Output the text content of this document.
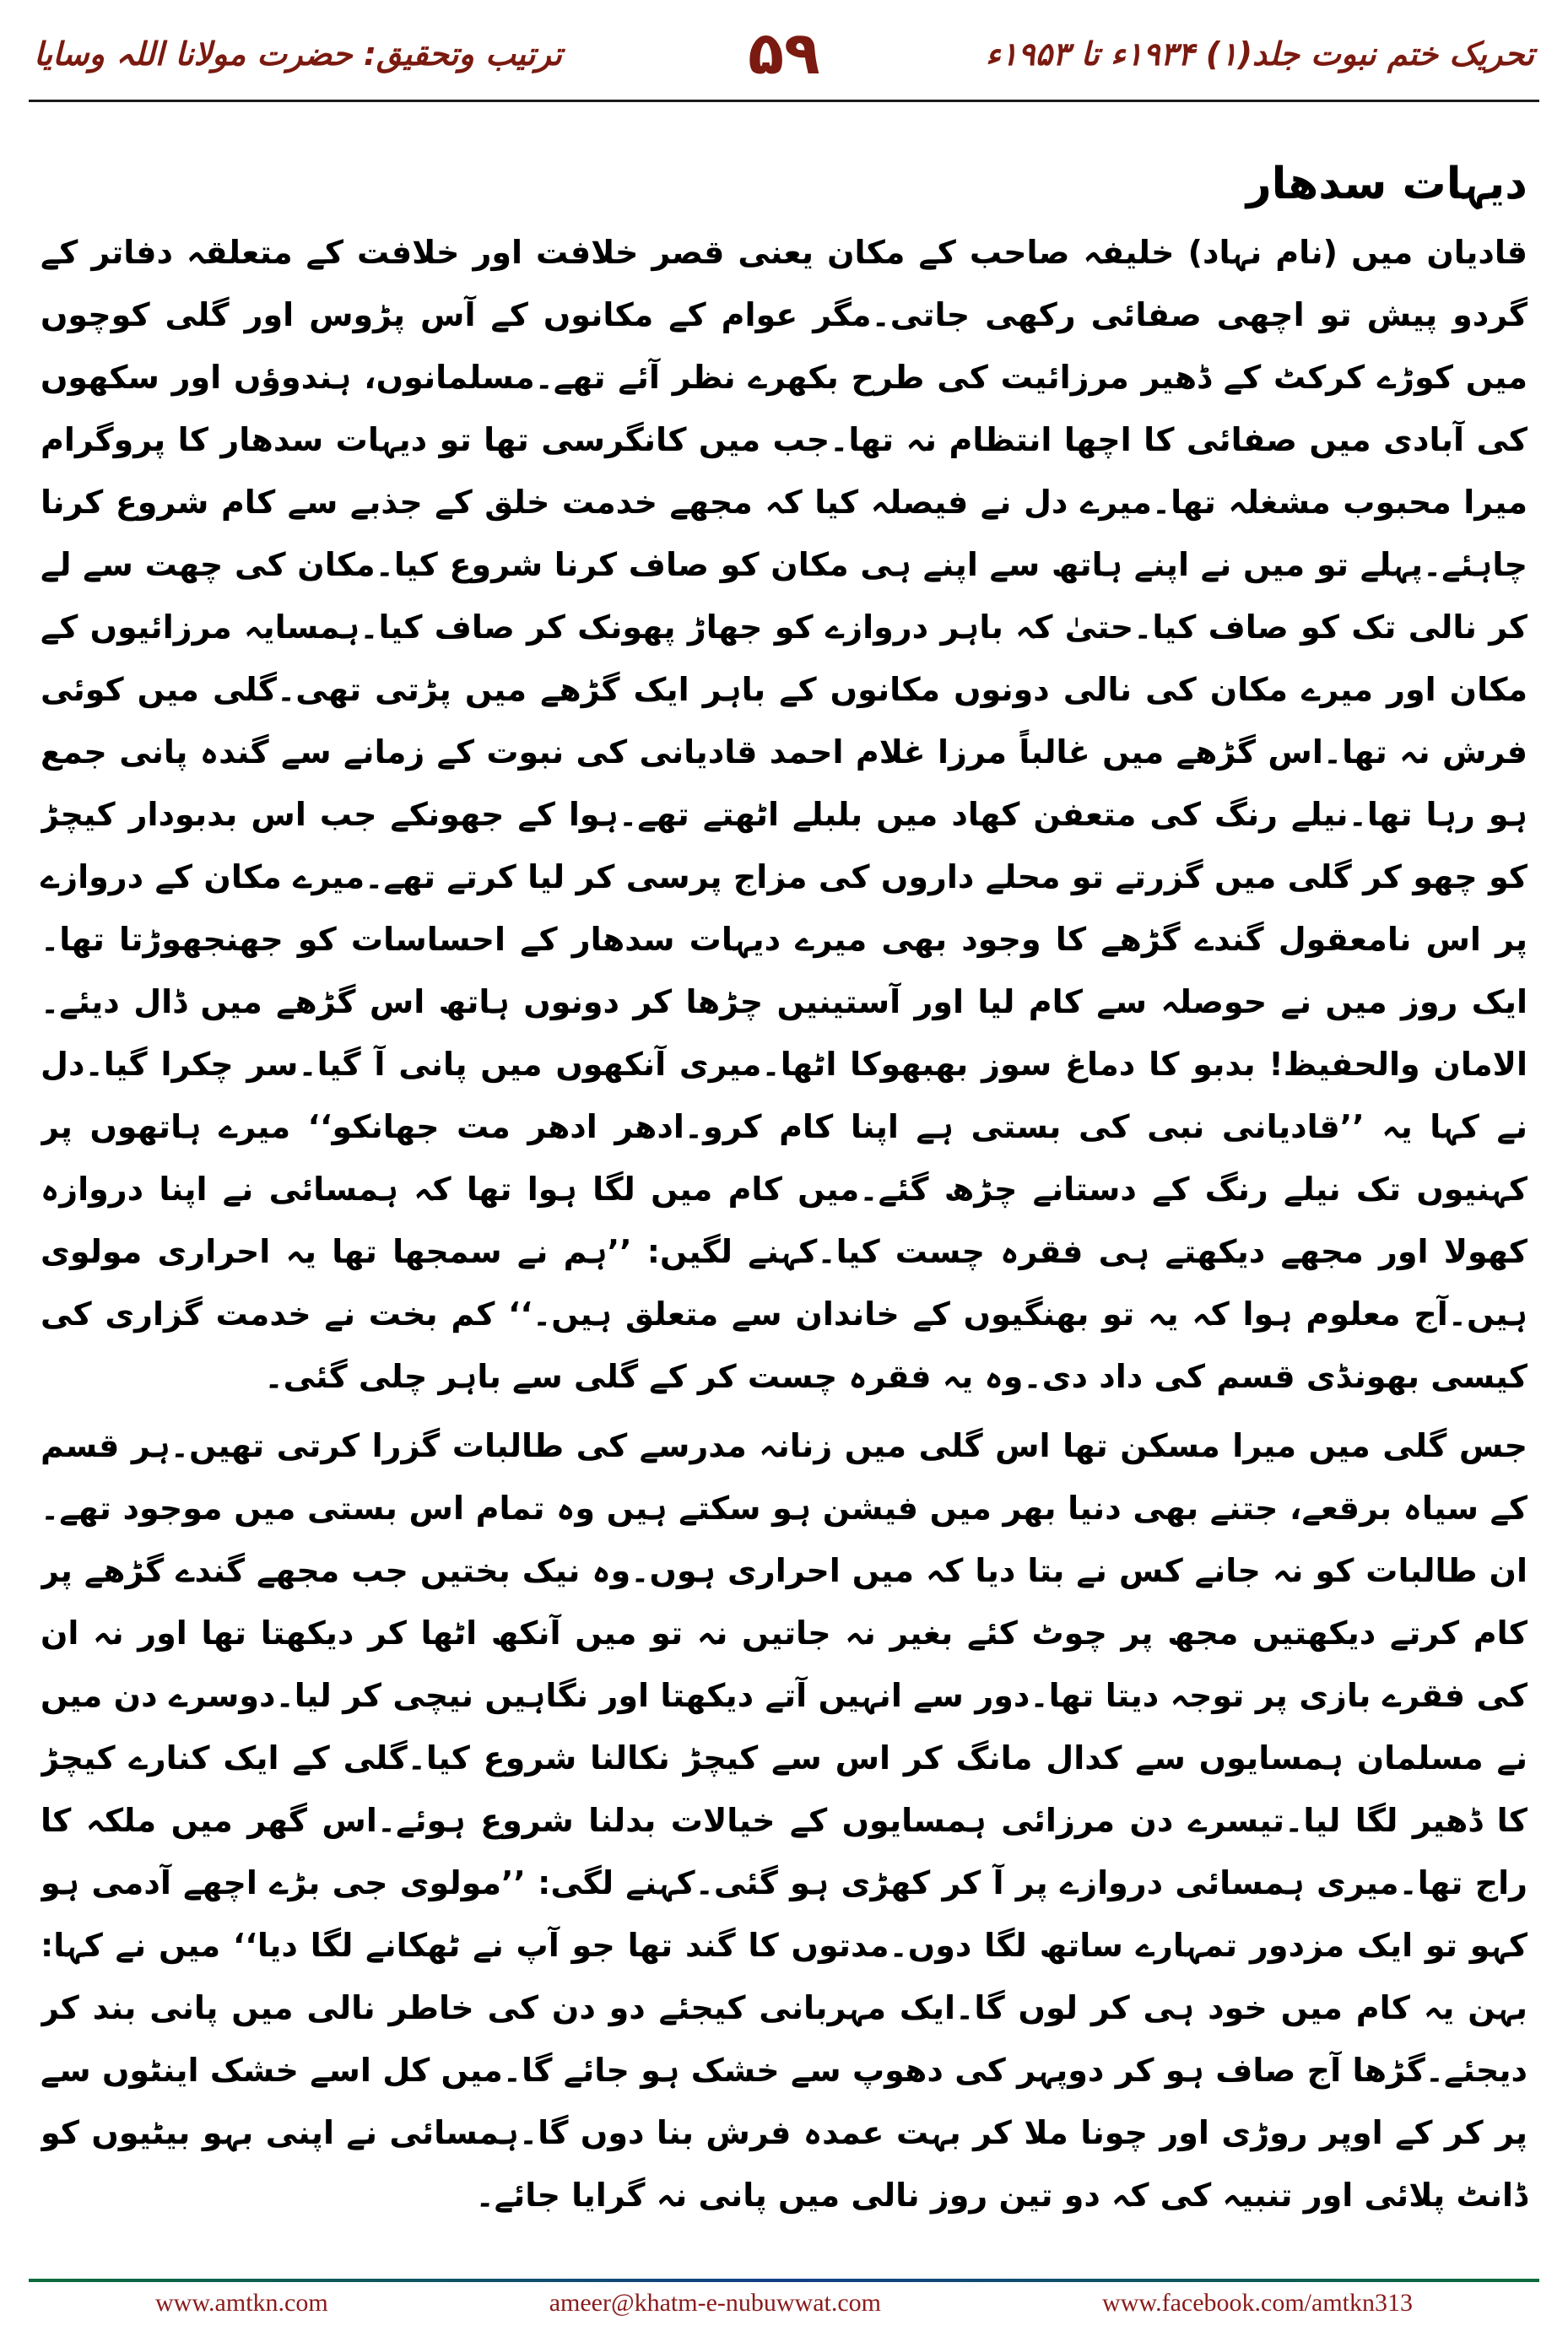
تحریک ختم نبوت جلد(۱) ۱۹۳۴ء تا ۱۹۵۳ء
۵۹
ترتیب وتحقیق: حضرت مولانا اللہ وسایا
دیہات سدھار

قادیان میں (نام نہاد) خلیفہ صاحب کے مکان یعنی قصر خلافت اور خلافت کے متعلقہ دفاتر کے گردو پیش تو اچھی صفائی رکھی جاتی۔مگر عوام کے مکانوں کے آس پڑوس اور گلی کوچوں میں کوڑے کرکٹ کے ڈھیر مرزائیت کی طرح بکھرے نظر آئے تھے۔مسلمانوں، ہندوؤں اور سکھوں کی آبادی میں صفائی کا اچھا انتظام نہ تھا۔جب میں کانگرسی تھا تو دیہات سدھار کا پروگرام میرا محبوب مشغلہ تھا۔میرے دل نے فیصلہ کیا کہ مجھے خدمت خلق کے جذبے سے کام شروع کرنا چاہئے۔پہلے تو میں نے اپنے ہاتھ سے اپنے ہی مکان کو صاف کرنا شروع کیا۔مکان کی چھت سے لے کر نالی تک کو صاف کیا۔حتیٰ کہ باہر دروازے کو جھاڑ پھونک کر صاف کیا۔ہمسایہ مرزائیوں کے مکان اور میرے مکان کی نالی دونوں مکانوں کے باہر ایک گڑھے میں پڑتی تھی۔گلی میں کوئی فرش نہ تھا۔اس گڑھے میں غالباً مرزا غلام احمد قادیانی کی نبوت کے زمانے سے گندہ پانی جمع ہو رہا تھا۔نیلے رنگ کی متعفن کھاد میں بلبلے اٹھتے تھے۔ہوا کے جھونکے جب اس بدبودار کیچڑ کو چھو کر گلی میں گزرتے تو محلے داروں کی مزاج پرسی کر لیا کرتے تھے۔میرے مکان کے دروازے پر اس نامعقول گندے گڑھے کا وجود بھی میرے دیہات سدھار کے احساسات کو جھنجھوڑتا تھا۔ایک روز میں نے حوصلہ سے کام لیا اور آستینیں چڑھا کر دونوں ہاتھ اس گڑھے میں ڈال دیئے۔الامان والحفیظ! بدبو کا دماغ سوز بھبھوکا اٹھا۔میری آنکھوں میں پانی آ گیا۔سر چکرا گیا۔دل نے کہا یہ ’’قادیانی نبی کی بستی ہے اپنا کام کرو۔ادھر ادھر مت جھانکو‘‘ میرے ہاتھوں پر کہنیوں تک نیلے رنگ کے دستانے چڑھ گئے۔میں کام میں لگا ہوا تھا کہ ہمسائی نے اپنا دروازہ کھولا اور مجھے دیکھتے ہی فقرہ چست کیا۔کہنے لگیں: ’’ہم نے سمجھا تھا یہ احراری مولوی ہیں۔آج معلوم ہوا کہ یہ تو بھنگیوں کے خاندان سے متعلق ہیں۔‘‘ کم بخت نے خدمت گزاری کی کیسی بھونڈی قسم کی داد دی۔وہ یہ فقرہ چست کر کے گلی سے باہر چلی گئی۔

جس گلی میں میرا مسکن تھا اس گلی میں زنانہ مدرسے کی طالبات گزرا کرتی تھیں۔ہر قسم کے سیاہ برقعے، جتنے بھی دنیا بھر میں فیشن ہو سکتے ہیں وہ تمام اس بستی میں موجود تھے۔ان طالبات کو نہ جانے کس نے بتا دیا کہ میں احراری ہوں۔وہ نیک بختیں جب مجھے گندے گڑھے پر کام کرتے دیکھتیں مجھ پر چوٹ کئے بغیر نہ جاتیں نہ تو میں آنکھ اٹھا کر دیکھتا تھا اور نہ ان کی فقرے بازی پر توجہ دیتا تھا۔دور سے انہیں آتے دیکھتا اور نگاہیں نیچی کر لیا۔دوسرے دن میں نے مسلمان ہمسایوں سے کدال مانگ کر اس سے کیچڑ نکالنا شروع کیا۔گلی کے ایک کنارے کیچڑ کا ڈھیر لگا لیا۔تیسرے دن مرزائی ہمسایوں کے خیالات بدلنا شروع ہوئے۔اس گھر میں ملکہ کا راج تھا۔میری ہمسائی دروازے پر آ کر کھڑی ہو گئی۔کہنے لگی: ’’مولوی جی بڑے اچھے آدمی ہو کہو تو ایک مزدور تمہارے ساتھ لگا دوں۔مدتوں کا گند تھا جو آپ نے ٹھکانے لگا دیا‘‘ میں نے کہا: بہن یہ کام میں خود ہی کر لوں گا۔ایک مہربانی کیجئے دو دن کی خاطر نالی میں پانی بند کر دیجئے۔گڑھا آج صاف ہو کر دوپہر کی دھوپ سے خشک ہو جائے گا۔میں کل اسے خشک اینٹوں سے پر کر کے اوپر روڑی اور چونا ملا کر بہت عمدہ فرش بنا دوں گا۔ہمسائی نے اپنی بہو بیٹیوں کو ڈانٹ پلائی اور تنبیہ کی کہ دو تین روز نالی میں پانی نہ گرایا جائے۔

www.amtkn.com	ameer@khatm-e-nubuwwat.com	www.facebook.com/amtkn313
